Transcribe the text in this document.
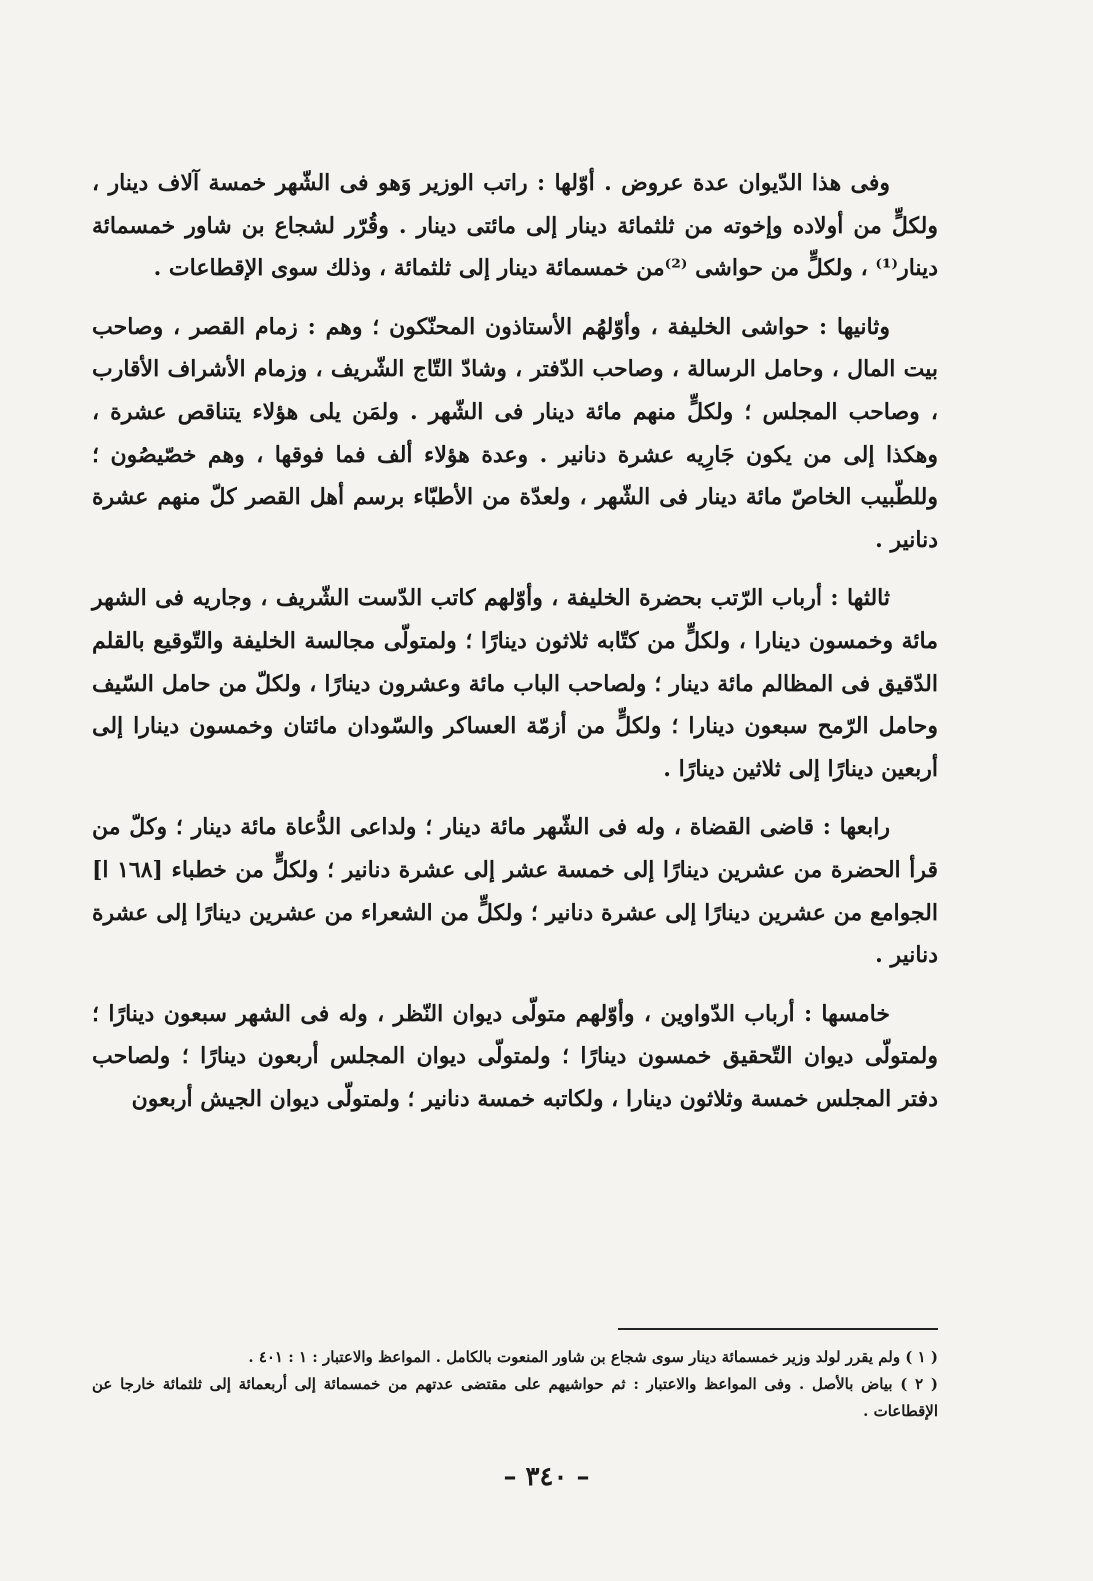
وفى هذا الدّيوان عدة عروض . أوّلها : راتب الوزير وَهو فى الشّهر خمسة آلاف دينار ، ولكلٍّ من أولاده وإخوته من ثلثمائة دينار إلى مائتى دينار . وقُرّر لشجاع بن شاور خمسمائة دينار⁽¹⁾ ، ولكلٍّ من حواشى ⁽²⁾من خمسمائة دينار إلى ثلثمائة ، وذلك سوى الإقطاعات .

وثانيها : حواشى الخليفة ، وأوّلهُم الأستاذون المحنّكون ؛ وهم : زمام القصر ، وصاحب بيت المال ، وحامل الرسالة ، وصاحب الدّفتر ، وشادّ التّاج الشّريف ، وزمام الأشراف الأقارب ، وصاحب المجلس ؛ ولكلٍّ منهم مائة دينار فى الشّهر . ولمَن يلى هؤلاء يتناقص عشرة ، وهكذا إلى من يكون جَارِيه عشرة دنانير . وعدة هؤلاء ألف فما فوقها ، وهم خصّيصُون ؛ وللطّبيب الخاصّ مائة دينار فى الشّهر ، ولعدّة من الأطبّاء برسم أهل القصر كلّ منهم عشرة دنانير .

ثالثها : أرباب الرّتب بحضرة الخليفة ، وأوّلهم كاتب الدّست الشّريف ، وجاريه فى الشهر مائة وخمسون دينارا ، ولكلٍّ من كتّابه ثلاثون دينارًا ؛ ولمتولّى مجالسة الخليفة والتّوقيع بالقلم الدّقيق فى المظالم مائة دينار ؛ ولصاحب الباب مائة وعشرون دينارًا ، ولكلّ من حامل السّيف وحامل الرّمح سبعون دينارا ؛ ولكلٍّ من أزمّة العساكر والسّودان مائتان وخمسون دينارا إلى أربعين دينارًا إلى ثلاثين دينارًا .

رابعها : قاضى القضاة ، وله فى الشّهر مائة دينار ؛ ولداعى الدُّعاة مائة دينار ؛ وكلّ من قرأ الحضرة من عشرين دينارًا إلى خمسة عشر إلى عشرة دنانير ؛ ولكلٍّ من خطباء [١٦٨ ا] الجوامع من عشرين دينارًا إلى عشرة دنانير ؛ ولكلٍّ من الشعراء من عشرين دينارًا إلى عشرة دنانير .

خامسها : أرباب الدّواوين ، وأوّلهم متولّى ديوان النّظر ، وله فى الشهر سبعون دينارًا ؛ ولمتولّى ديوان التّحقيق خمسون دينارًا ؛ ولمتولّى ديوان المجلس أربعون دينارًا ؛ ولصاحب دفتر المجلس خمسة وثلاثون دينارا ، ولكاتبه خمسة دنانير ؛ ولمتولّى ديوان الجيش أربعون

( ١ ) ولم يقرر لولد وزير خمسمائة دينار سوى شجاع بن شاور المنعوت بالكامل . المواعظ والاعتبار : ١ : ٤٠١ .

( ٢ ) بياض بالأصل . وفى المواعظ والاعتبار : ثم حواشيهم على مقتضى عدتهم من خمسمائة إلى أربعمائة إلى ثلثمائة خارجا عن الإقطاعات .

– ٣٤٠ –
